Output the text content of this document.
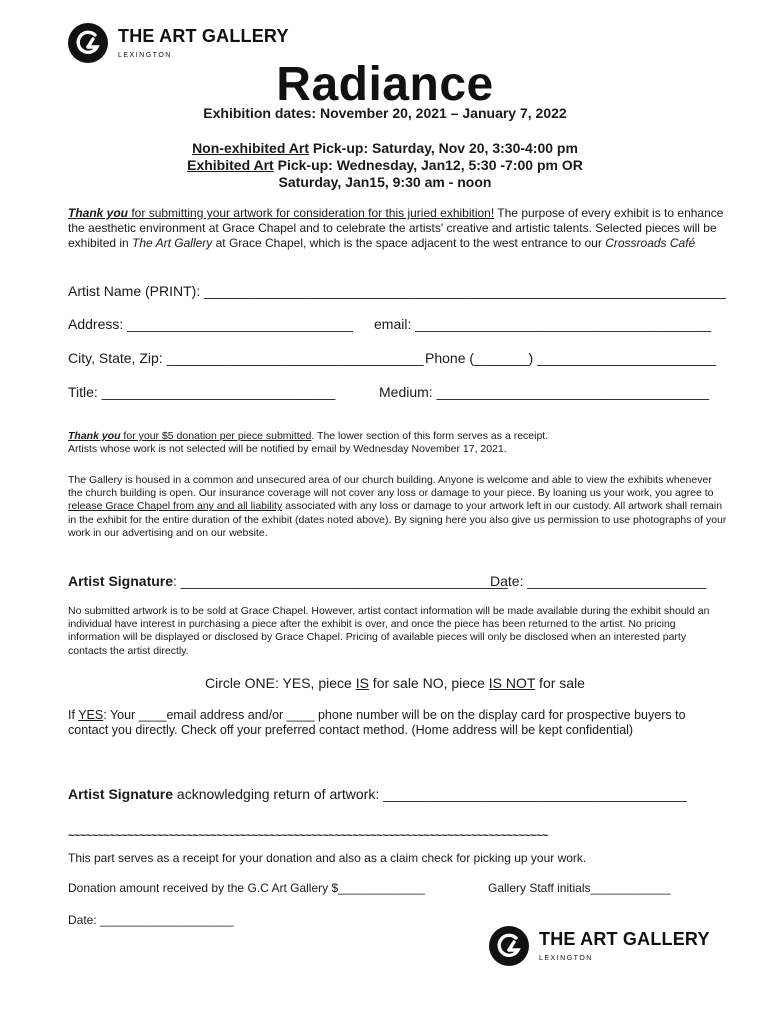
THE ART GALLERY
LEXINGTON
Radiance
Exhibition dates: November 20, 2021 – January 7, 2022
Non-exhibited Art Pick-up: Saturday, Nov 20, 3:30-4:00 pm
Exhibited Art Pick-up: Wednesday, Jan12, 5:30 -7:00 pm OR
Saturday, Jan15, 9:30 am - noon
Thank you for submitting your artwork for consideration for this juried exhibition! The purpose of every exhibit is to enhance the aesthetic environment at Grace Chapel and to celebrate the artists' creative and artistic talents. Selected pieces will be exhibited in The Art Gallery at Grace Chapel, which is the space adjacent to the west entrance to our Crossroads Café
Artist Name (PRINT): ___________________________________________________________________
Address: _____________________________ email: ______________________________________
City, State, Zip: _________________________________ Phone (_______) _______________________
Title: ______________________________	Medium: ___________________________________
Thank you for your $5 donation per piece submitted. The lower section of this form serves as a receipt.
Artists whose work is not selected will be notified by email by Wednesday November 17, 2021.
The Gallery is housed in a common and unsecured area of our church building. Anyone is welcome and able to view the exhibits whenever the church building is open. Our insurance coverage will not cover any loss or damage to your piece. By loaning us your work, you agree to release Grace Chapel from any and all liability associated with any loss or damage to your artwork left in our custody. All artwork shall remain in the exhibit for the entire duration of the exhibit (dates noted above). By signing here you also give us permission to use photographs of your work in our advertising and on our website.
Artist Signature: __________________________________________
Date: _______________________
No submitted artwork is to be sold at Grace Chapel. However, artist contact information will be made available during the exhibit should an individual have interest in purchasing a piece after the exhibit is over, and once the piece has been returned to the artist. No pricing information will be displayed or disclosed by Grace Chapel. Pricing of available pieces will only be disclosed when an interested party contacts the artist directly.
Circle ONE: YES, piece IS for sale NO, piece IS NOT for sale
If YES: Your ____email address and/or ____ phone number will be on the display card for prospective buyers to contact you directly. Check off your preferred contact method. (Home address will be kept confidential)
Artist Signature acknowledging return of artwork: _______________________________________
~~~~~~~~~~~~~~~~~~~~~~~~~~~~~~~~~~~~~~~~~~~~~~~~~~~~~~~~~~~~~~~~~~~~~~~~~~~~~~~~~
This part serves as a receipt for your donation and also as a claim check for picking up your work.
Donation amount received by the G.C Art Gallery $_____________	Gallery Staff initials____________
Date: ____________________
THE ART GALLERY
LEXINGTON
